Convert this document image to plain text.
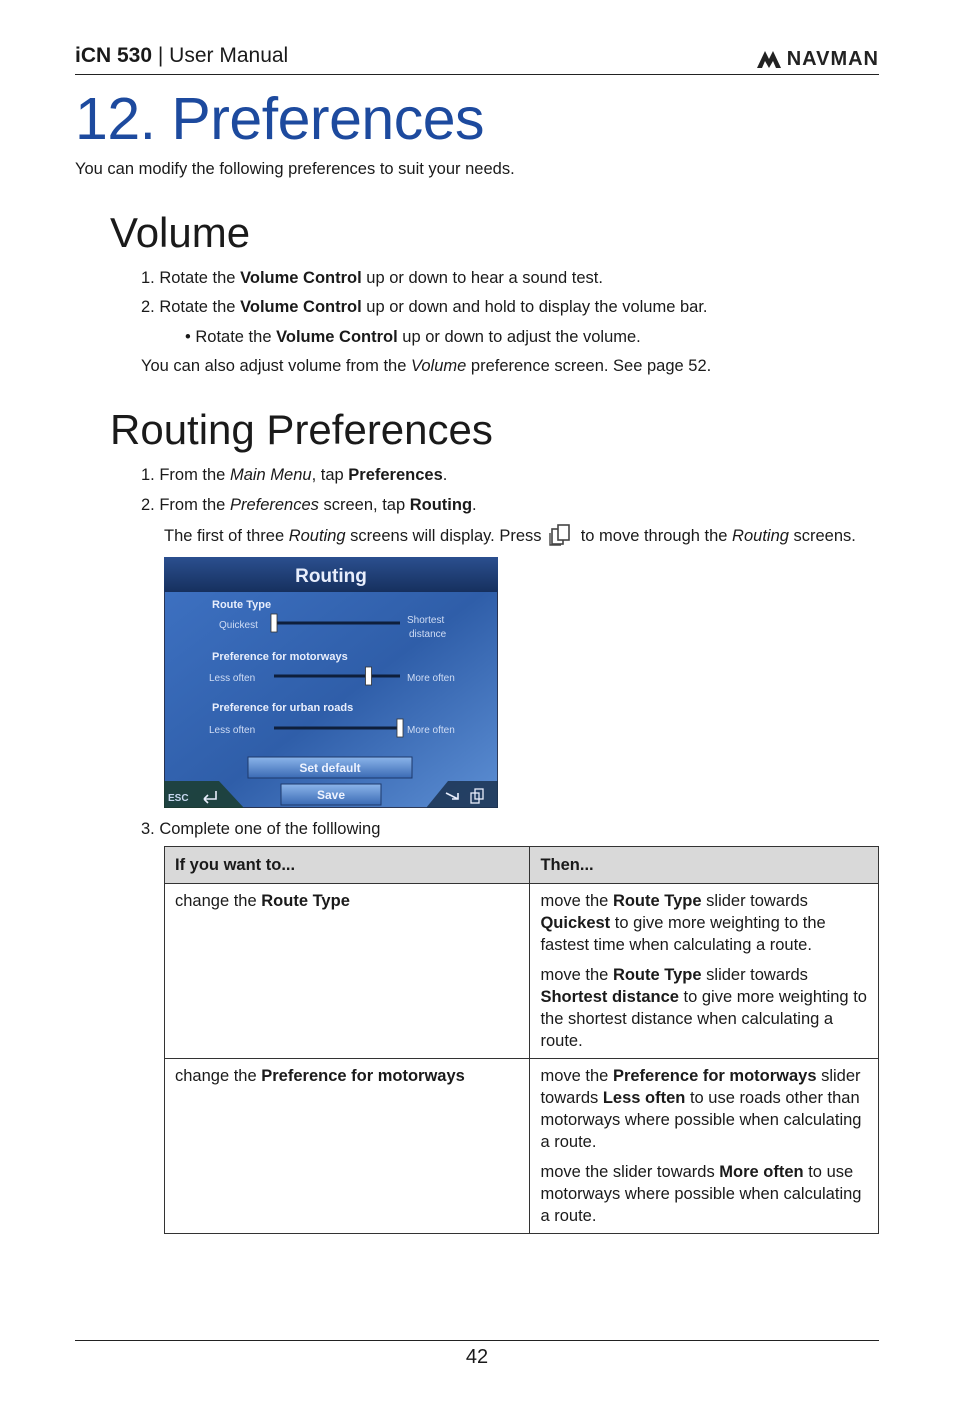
iCN 530 | User Manual	NAVMAN
12. Preferences
You can modify the following preferences to suit your needs.
Volume
1. Rotate the Volume Control up or down to hear a sound test.
2. Rotate the Volume Control up or down and hold to display the volume bar.
• Rotate the Volume Control up or down to adjust the volume.
You can also adjust volume from the Volume preference screen. See page 52.
Routing Preferences
1. From the Main Menu, tap Preferences.
2. From the Preferences screen, tap Routing.
The first of three Routing screens will display. Press  to move through the Routing screens.
Routing
Route Type
Quickest	Shortest
distance
Preference for motorways
Less often	More often
Preference for urban roads
Less often	More often
Set default
Save
ESC
3. Complete one of the folllowing
If you want to...	Then...
change the Route Type	move the Route Type slider towards Quickest to give more weighting to the fastest time when calculating a route.
move the Route Type slider towards Shortest distance to give more weighting to the shortest distance when calculating a route.

change the Preference for motorways	move the Preference for motorways slider towards Less often to use roads other than motorways where possible when calculating a route.
move the slider towards More often to use motorways where possible when calculating a route.
42
